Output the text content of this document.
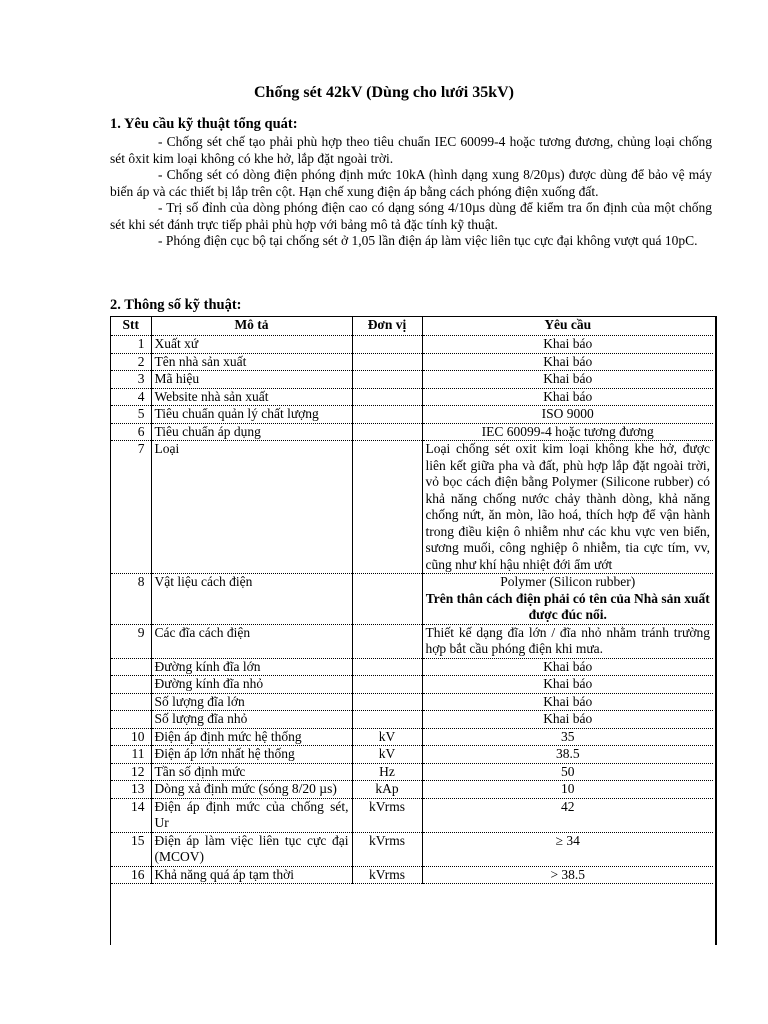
Chống sét 42kV (Dùng cho lưới 35kV)
1. Yêu cầu kỹ thuật tổng quát:

- Chống sét chế tạo phải phù hợp theo tiêu chuẩn IEC 60099-4 hoặc tương đương, chủng loại chống sét ôxit kim loại không có khe hở, lắp đặt ngoài trời.

- Chống sét có dòng điện phóng định mức 10kA (hình dạng xung 8/20µs) được dùng để bảo vệ máy biến áp và các thiết bị lắp trên cột. Hạn chế xung điện áp bằng cách phóng điện xuống đất.

- Trị số đỉnh của dòng phóng điện cao có dạng sóng 4/10µs dùng để kiểm tra ổn định của một chống sét khi sét đánh trực tiếp phải phù hợp với bảng mô tả đặc tính kỹ thuật.

- Phóng điện cục bộ tại chống sét ở 1,05 lần điện áp làm việc liên tục cực đại không vượt quá 10pC.

2. Thông số kỹ thuật:
Stt	Mô tả	Đơn vị	Yêu cầu
1	Xuất xứ		Khai báo
2	Tên nhà sản xuất		Khai báo
3	Mã hiệu		Khai báo
4	Website nhà sản xuất		Khai báo
5	Tiêu chuẩn quản lý chất lượng		ISO 9000
6	Tiêu chuẩn áp dụng		IEC 60099-4 hoặc tương đương
7	Loại		Loại chống sét oxit kim loại không khe hở, được liên kết giữa pha và đất, phù hợp lắp đặt ngoài trời, vỏ bọc cách điện bằng Polymer (Silicone rubber) có khả năng chống nước chảy thành dòng, khả năng chống nứt, ăn mòn, lão hoá, thích hợp để vận hành trong điều kiện ô nhiễm như các khu vực ven biển, sương muối, công nghiệp ô nhiễm, tia cực tím, vv, cũng như khí hậu nhiệt đới ẩm ướt
8	Vật liệu cách điện		Polymer (Silicon rubber)
Trên thân cách điện phải có tên của Nhà sản xuất được đúc nổi.

9	Các đĩa cách điện		Thiết kế dạng đĩa lớn / đĩa nhỏ nhằm tránh trường hợp bắt cầu phóng điện khi mưa.
	Đường kính đĩa lớn		Khai báo
	Đường kính đĩa nhỏ		Khai báo
	Số lượng đĩa lớn		Khai báo
	Số lượng đĩa nhỏ		Khai báo
10	Điện áp định mức hệ thống	kV	35
11	Điện áp lớn nhất hệ thống	kV	38.5
12	Tần số định mức	Hz	50
13	Dòng xả định mức (sóng 8/20 µs)	kAp	10
14	Điện áp định mức của chống sét, Ur	kVrms	42
15	Điện áp làm việc liên tục cực đại (MCOV)	kVrms	≥ 34
16	Khả năng quá áp tạm thời	kVrms	> 38.5
